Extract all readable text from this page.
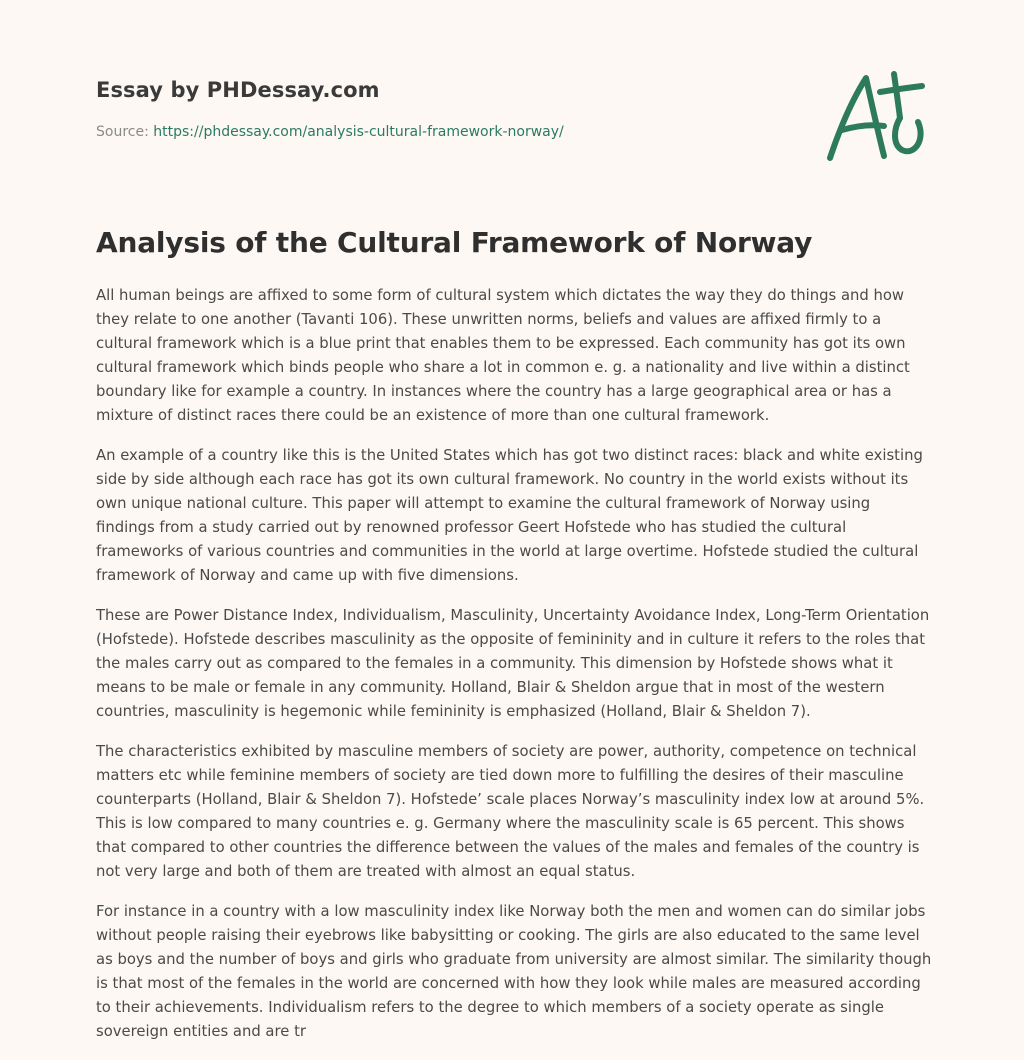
Essay by PHDessay.com
Source: https://phdessay.com/analysis-cultural-framework-norway/
Analysis of the Cultural Framework of Norway

All human beings are affixed to some form of cultural system which dictates the way they do things and how they relate to one another (Tavanti 106). These unwritten norms, beliefs and values are affixed firmly to a cultural framework which is a blue print that enables them to be expressed. Each community has got its own cultural framework which binds people who share a lot in common e. g. a nationality and live within a distinct boundary like for example a country. In instances where the country has a large geographical area or has a mixture of distinct races there could be an existence of more than one cultural framework.

An example of a country like this is the United States which has got two distinct races: black and white existing side by side although each race has got its own cultural framework. No country in the world exists without its own unique national culture. This paper will attempt to examine the cultural framework of Norway using findings from a study carried out by renowned professor Geert Hofstede who has studied the cultural frameworks of various countries and communities in the world at large overtime. Hofstede studied the cultural framework of Norway and came up with five dimensions.

These are Power Distance Index, Individualism, Masculinity, Uncertainty Avoidance Index, Long-Term Orientation (Hofstede). Hofstede describes masculinity as the opposite of femininity and in culture it refers to the roles that the males carry out as compared to the females in a community. This dimension by Hofstede shows what it means to be male or female in any community. Holland, Blair & Sheldon argue that in most of the western countries, masculinity is hegemonic while femininity is emphasized (Holland, Blair & Sheldon 7).

The characteristics exhibited by masculine members of society are power, authority, competence on technical matters etc while feminine members of society are tied down more to fulfilling the desires of their masculine counterparts (Holland, Blair & Sheldon 7). Hofstede’ scale places Norway’s masculinity index low at around 5%. This is low compared to many countries e. g. Germany where the masculinity scale is 65 percent. This shows that compared to other countries the difference between the values of the males and females of the country is not very large and both of them are treated with almost an equal status.

For instance in a country with a low masculinity index like Norway both the men and women can do similar jobs without people raising their eyebrows like babysitting or cooking. The girls are also educated to the same level as boys and the number of boys and girls who graduate from university are almost similar. The similarity though is that most of the females in the world are concerned with how they look while males are measured according to their achievements. Individualism refers to the degree to which members of a society operate as single sovereign entities and are tr
